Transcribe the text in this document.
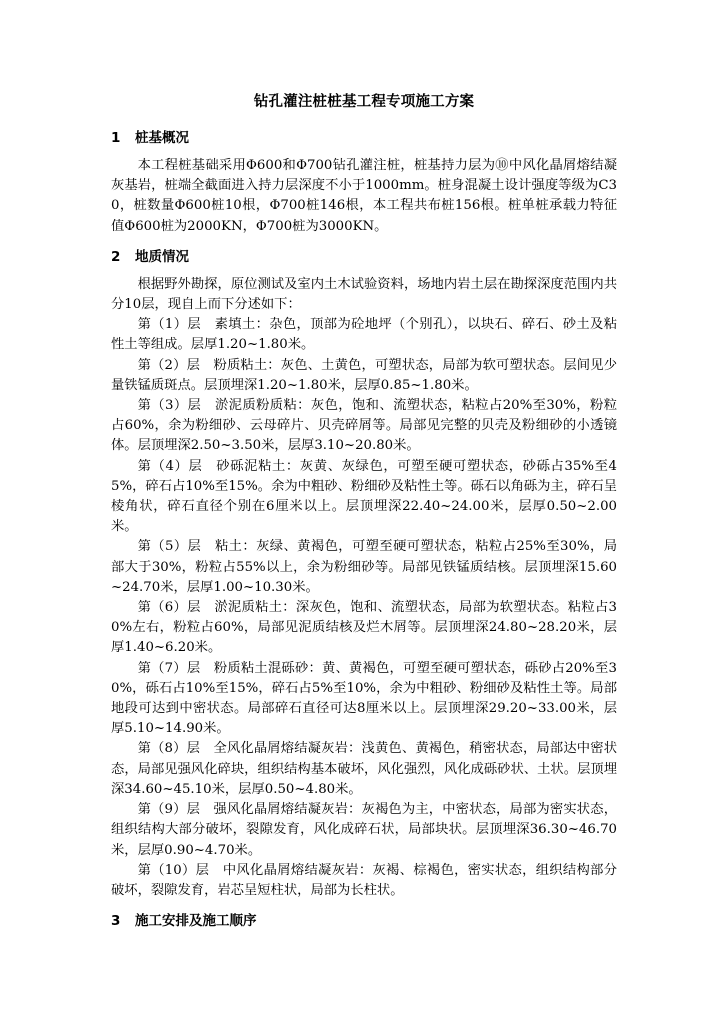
钻孔灌注桩桩基工程专项施工方案
1 桩基概况

本工程桩基础采用Φ600和Φ700钻孔灌注桩，桩基持力层为⑩中风化晶屑熔结凝灰基岩，桩端全截面进入持力层深度不小于1000mm。桩身混凝土设计强度等级为C30，桩数量Φ600桩10根，Φ700桩146根，本工程共布桩156根。桩单桩承载力特征值Φ600桩为2000KN，Φ700桩为3000KN。

2 地质情况

根据野外勘探，原位测试及室内土木试验资料，场地内岩土层在勘探深度范围内共分10层，现自上而下分述如下：

第（1）层　素填土：杂色，顶部为砼地坪（个别孔），以块石、碎石、砂土及粘性土等组成。层厚1.20~1.80米。

第（2）层　粉质粘土：灰色、土黄色，可塑状态，局部为软可塑状态。层间见少量铁锰质斑点。层顶埋深1.20~1.80米，层厚0.85~1.80米。

第（3）层　淤泥质粉质粘：灰色，饱和、流塑状态，粘粒占20%至30%，粉粒占60%，余为粉细砂、云母碎片、贝壳碎屑等。局部见完整的贝壳及粉细砂的小透镜体。层顶埋深2.50~3.50米，层厚3.10~20.80米。

第（4）层　砂砾泥粘土：灰黄、灰绿色，可塑至硬可塑状态，砂砾占35%至45%，碎石占10%至15%。余为中粗砂、粉细砂及粘性土等。砾石以角砾为主，碎石呈棱角状，碎石直径个别在6厘米以上。层顶埋深22.40~24.00米，层厚0.50~2.00米。

第（5）层　粘土：灰绿、黄褐色，可塑至硬可塑状态，粘粒占25%至30%，局部大于30%，粉粒占55%以上，余为粉细砂等。局部见铁锰质结核。层顶埋深15.60~24.70米，层厚1.00~10.30米。

第（6）层　淤泥质粘土：深灰色，饱和、流塑状态，局部为软塑状态。粘粒占30%左右，粉粒占60%，局部见泥质结核及烂木屑等。层顶埋深24.80~28.20米，层厚1.40~6.20米。

第（7）层　粉质粘土混砾砂：黄、黄褐色，可塑至硬可塑状态，砾砂占20%至30%，砾石占10%至15%，碎石占5%至10%，余为中粗砂、粉细砂及粘性土等。局部地段可达到中密状态。局部碎石直径可达8厘米以上。层顶埋深29.20~33.00米，层厚5.10~14.90米。

第（8）层　全风化晶屑熔结凝灰岩：浅黄色、黄褐色，稍密状态，局部达中密状态，局部见强风化碎块，组织结构基本破坏，风化强烈，风化成砾砂状、土状。层顶埋深34.60~45.10米，层厚0.50~4.80米。

第（9）层　强风化晶屑熔结凝灰岩：灰褐色为主，中密状态，局部为密实状态，组织结构大部分破坏，裂隙发育，风化成碎石状，局部块状。层顶埋深36.30~46.70米，层厚0.90~4.70米。

第（10）层　中风化晶屑熔结凝灰岩：灰褐、棕褐色，密实状态，组织结构部分破坏，裂隙发育，岩芯呈短柱状，局部为长柱状。

3 施工安排及施工顺序
